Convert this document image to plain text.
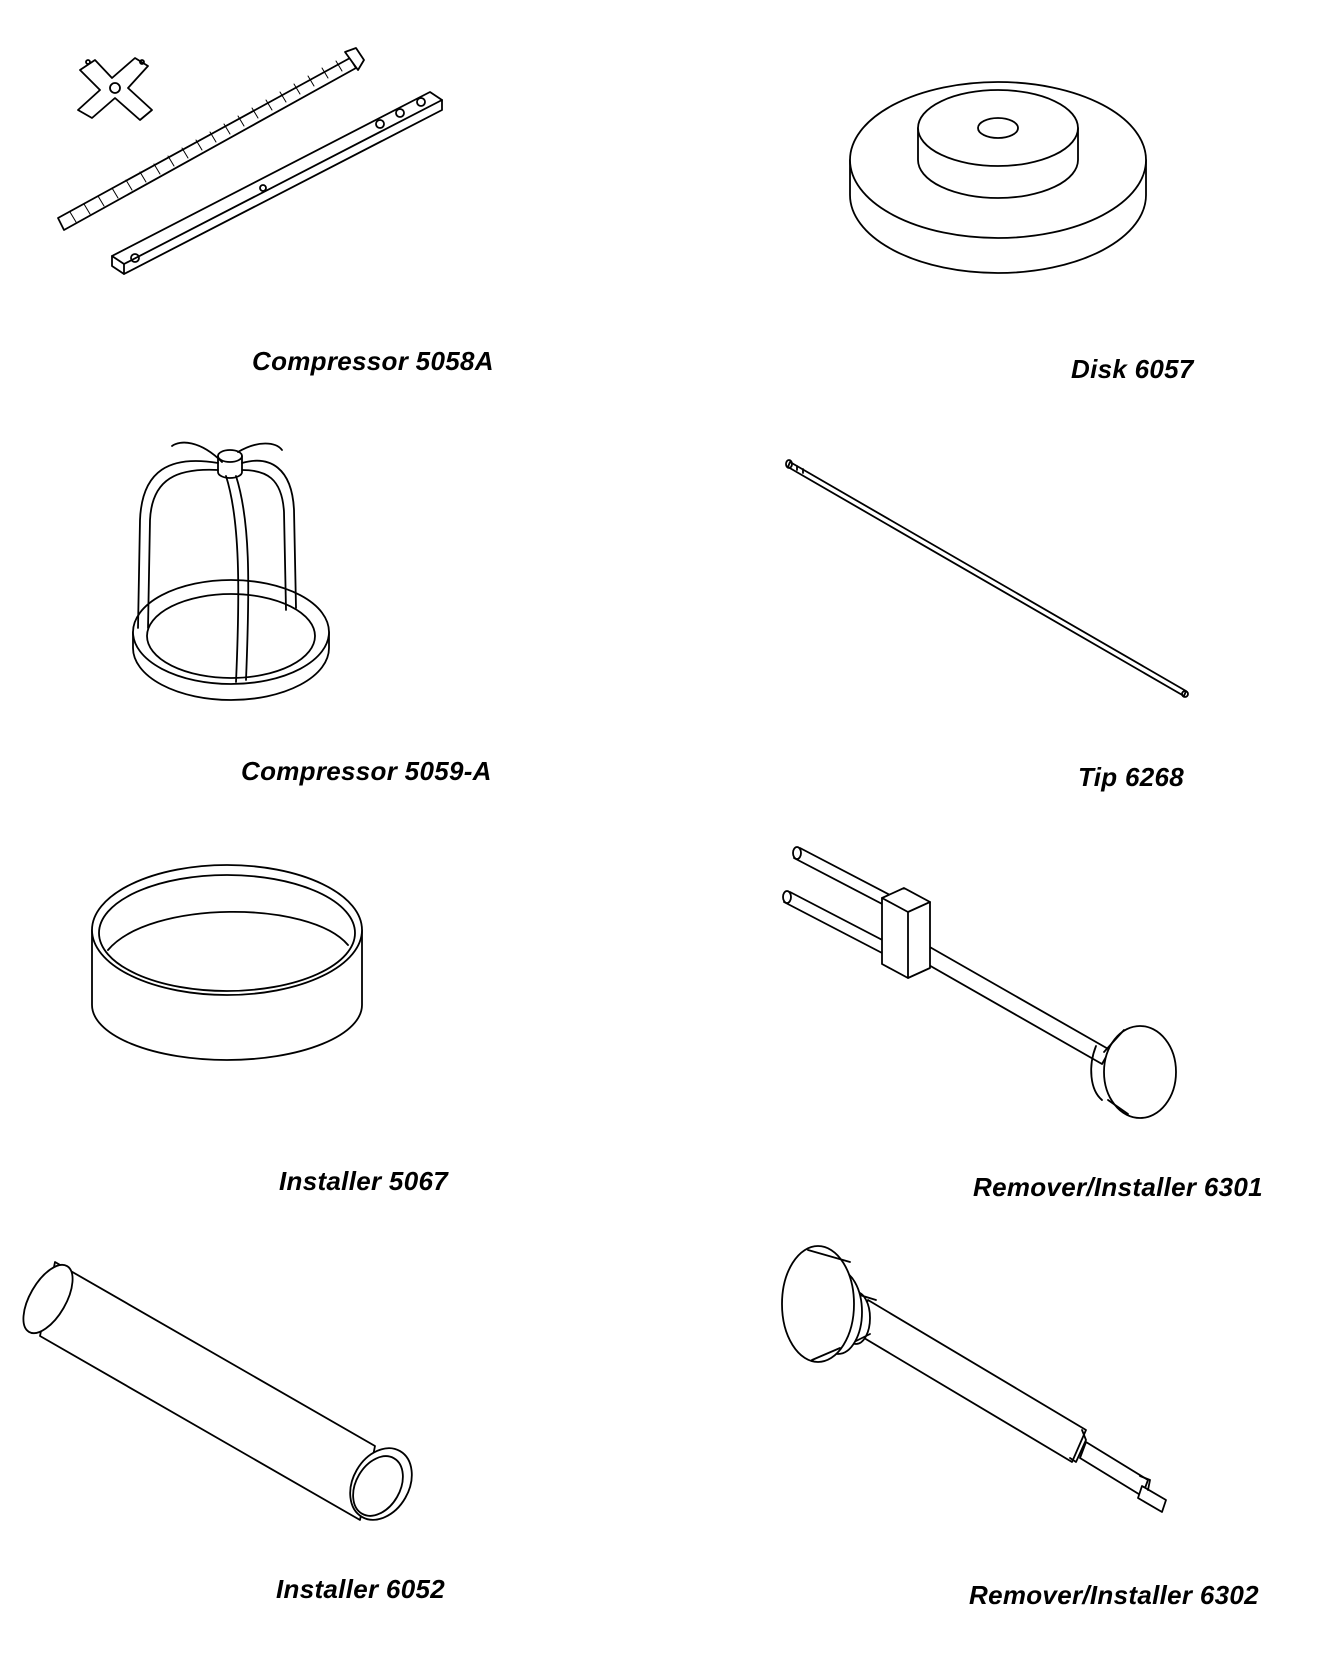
Compressor 5058A	Disk 6057
Compressor 5059-A	Tip 6268
Installer 5067	Remover/Installer 6301
Installer 6052	Remover/Installer 6302
